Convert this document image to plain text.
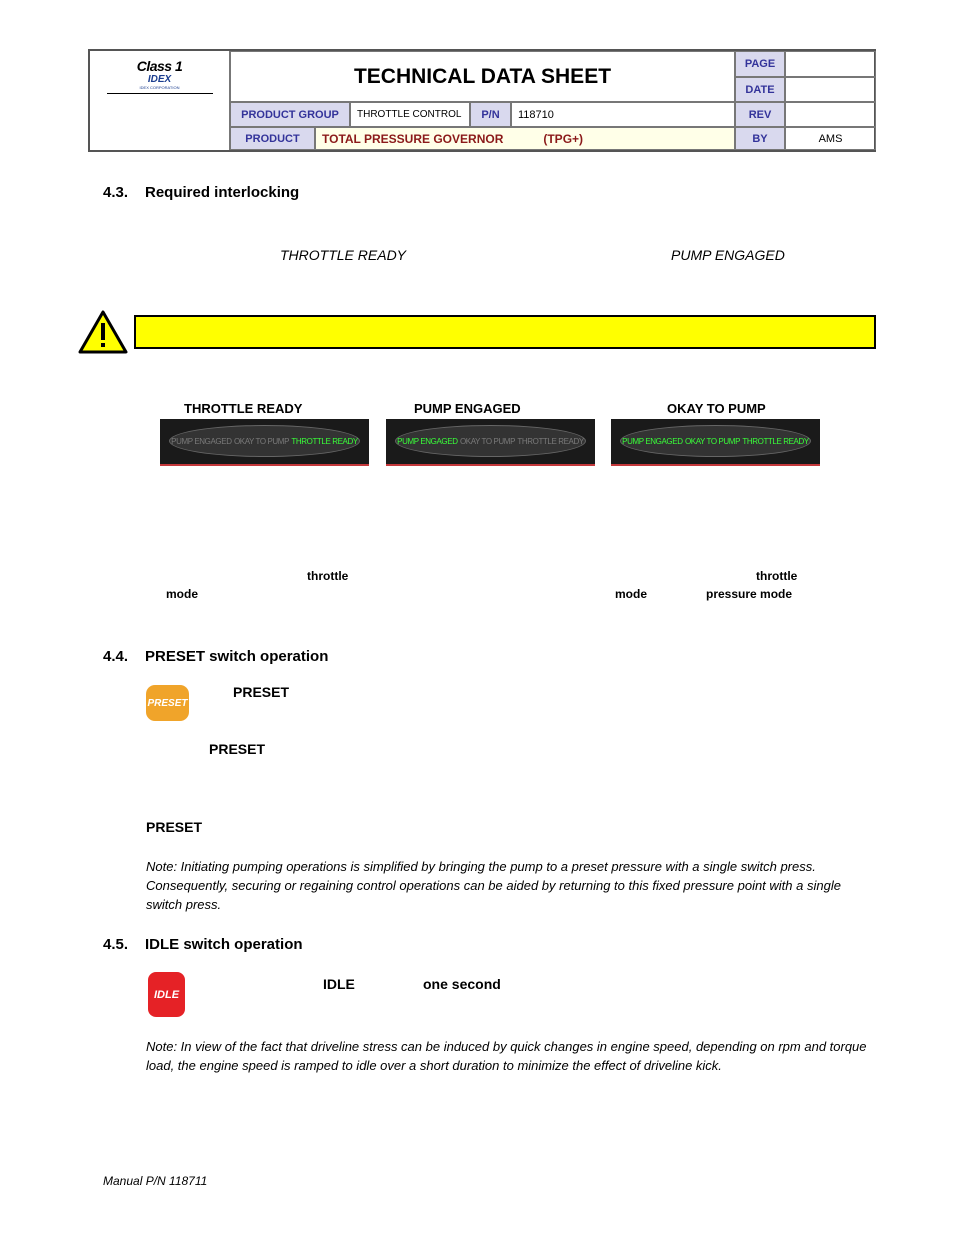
Class 1
IDEX
IDEX CORPORATION	TECHNICAL DATA SHEET
PAGE
DATE
PRODUCT GROUP	THROTTLE CONTROL	P/N	118710	REV
PRODUCT	TOTAL PRESSURE GOVERNOR	(TPG+)	BY	AMS
4.3. Required interlocking
THROTTLE READY	PUMP ENGAGED
THROTTLE READY	PUMP ENGAGED	OKAY TO PUMP
PUMP ENGAGED OKAY TO PUMP THROTTLE READY	PUMP ENGAGED OKAY TO PUMP THROTTLE READY	PUMP ENGAGED OKAY TO PUMP THROTTLE READY
throttle
mode
throttle
mode	pressure mode
4.4. PRESET switch operation
PRESET
PRESET
PRESET
PRESET
Note: Initiating pumping operations is simplified by bringing the pump to a preset pressure with a single switch press. Consequently, securing or regaining control operations can be aided by returning to this fixed pressure point with a single switch press.
4.5. IDLE switch operation
IDLE
IDLE	one second
Note: In view of the fact that driveline stress can be induced by quick changes in engine speed, depending on rpm and torque load, the engine speed is ramped to idle over a short duration to minimize the effect of driveline kick.
Manual P/N 118711
